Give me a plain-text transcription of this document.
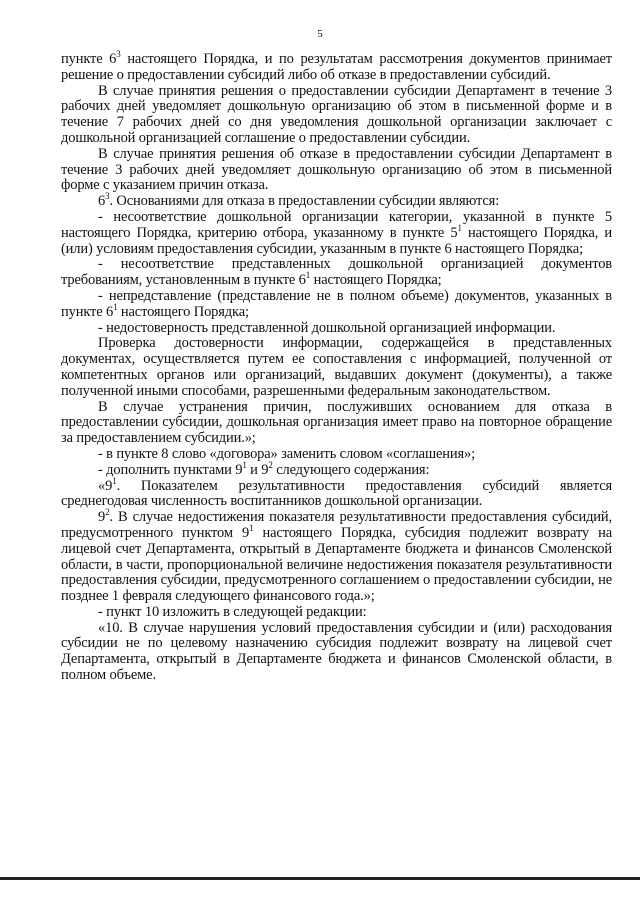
5

пункте $6^3$ настоящего Порядка, и по результатам рассмотрения документов принимает решение о предоставлении субсидий либо об отказе в предоставлении субсидий.

В случае принятия решения о предоставлении субсидии Департамент в течение 3 рабочих дней уведомляет дошкольную организацию об этом в письменной форме и в течение 7 рабочих дней со дня уведомления дошкольной организации заключает с дошкольной организацией соглашение о предоставлении субсидии.

В случае принятия решения об отказе в предоставлении субсидии Департамент в течение 3 рабочих дней уведомляет дошкольную организацию об этом в письменной форме с указанием причин отказа.

$6^3$. Основаниями для отказа в предоставлении субсидии являются:

- несоответствие дошкольной организации категории, указанной в пункте 5 настоящего Порядка, критерию отбора, указанному в пункте $5^1$ настоящего Порядка, и (или) условиям предоставления субсидии, указанным в пункте 6 настоящего Порядка;

- несоответствие представленных дошкольной организацией документов требованиям, установленным в пункте $6^1$ настоящего Порядка;

- непредставление (представление не в полном объеме) документов, указанных в пункте $6^1$ настоящего Порядка;

- недостоверность представленной дошкольной организацией информации.

Проверка достоверности информации, содержащейся в представленных документах, осуществляется путем ее сопоставления с информацией, полученной от компетентных органов или организаций, выдавших документ (документы), а также полученной иными способами, разрешенными федеральным законодательством.

В случае устранения причин, послуживших основанием для отказа в предоставлении субсидии, дошкольная организация имеет право на повторное обращение за предоставлением субсидии.»;

- в пункте 8 слово «договора» заменить словом «соглашения»;

- дополнить пунктами $9^1$ и $9^2$ следующего содержания:

«$9^1$. Показателем результативности предоставления субсидий является среднегодовая численность воспитанников дошкольной организации.

$9^2$. В случае недостижения показателя результативности предоставления субсидий, предусмотренного пунктом $9^1$ настоящего Порядка, субсидия подлежит возврату на лицевой счет Департамента, открытый в Департаменте бюджета и финансов Смоленской области, в части, пропорциональной величине недостижения показателя результативности предоставления субсидии, предусмотренного соглашением о предоставлении субсидии, не позднее 1 февраля следующего финансового года.»;

- пункт 10 изложить в следующей редакции:

«10. В случае нарушения условий предоставления субсидии и (или) расходования субсидии не по целевому назначению субсидия подлежит возврату на лицевой счет Департамента, открытый в Департаменте бюджета и финансов Смоленской области, в полном объеме.
